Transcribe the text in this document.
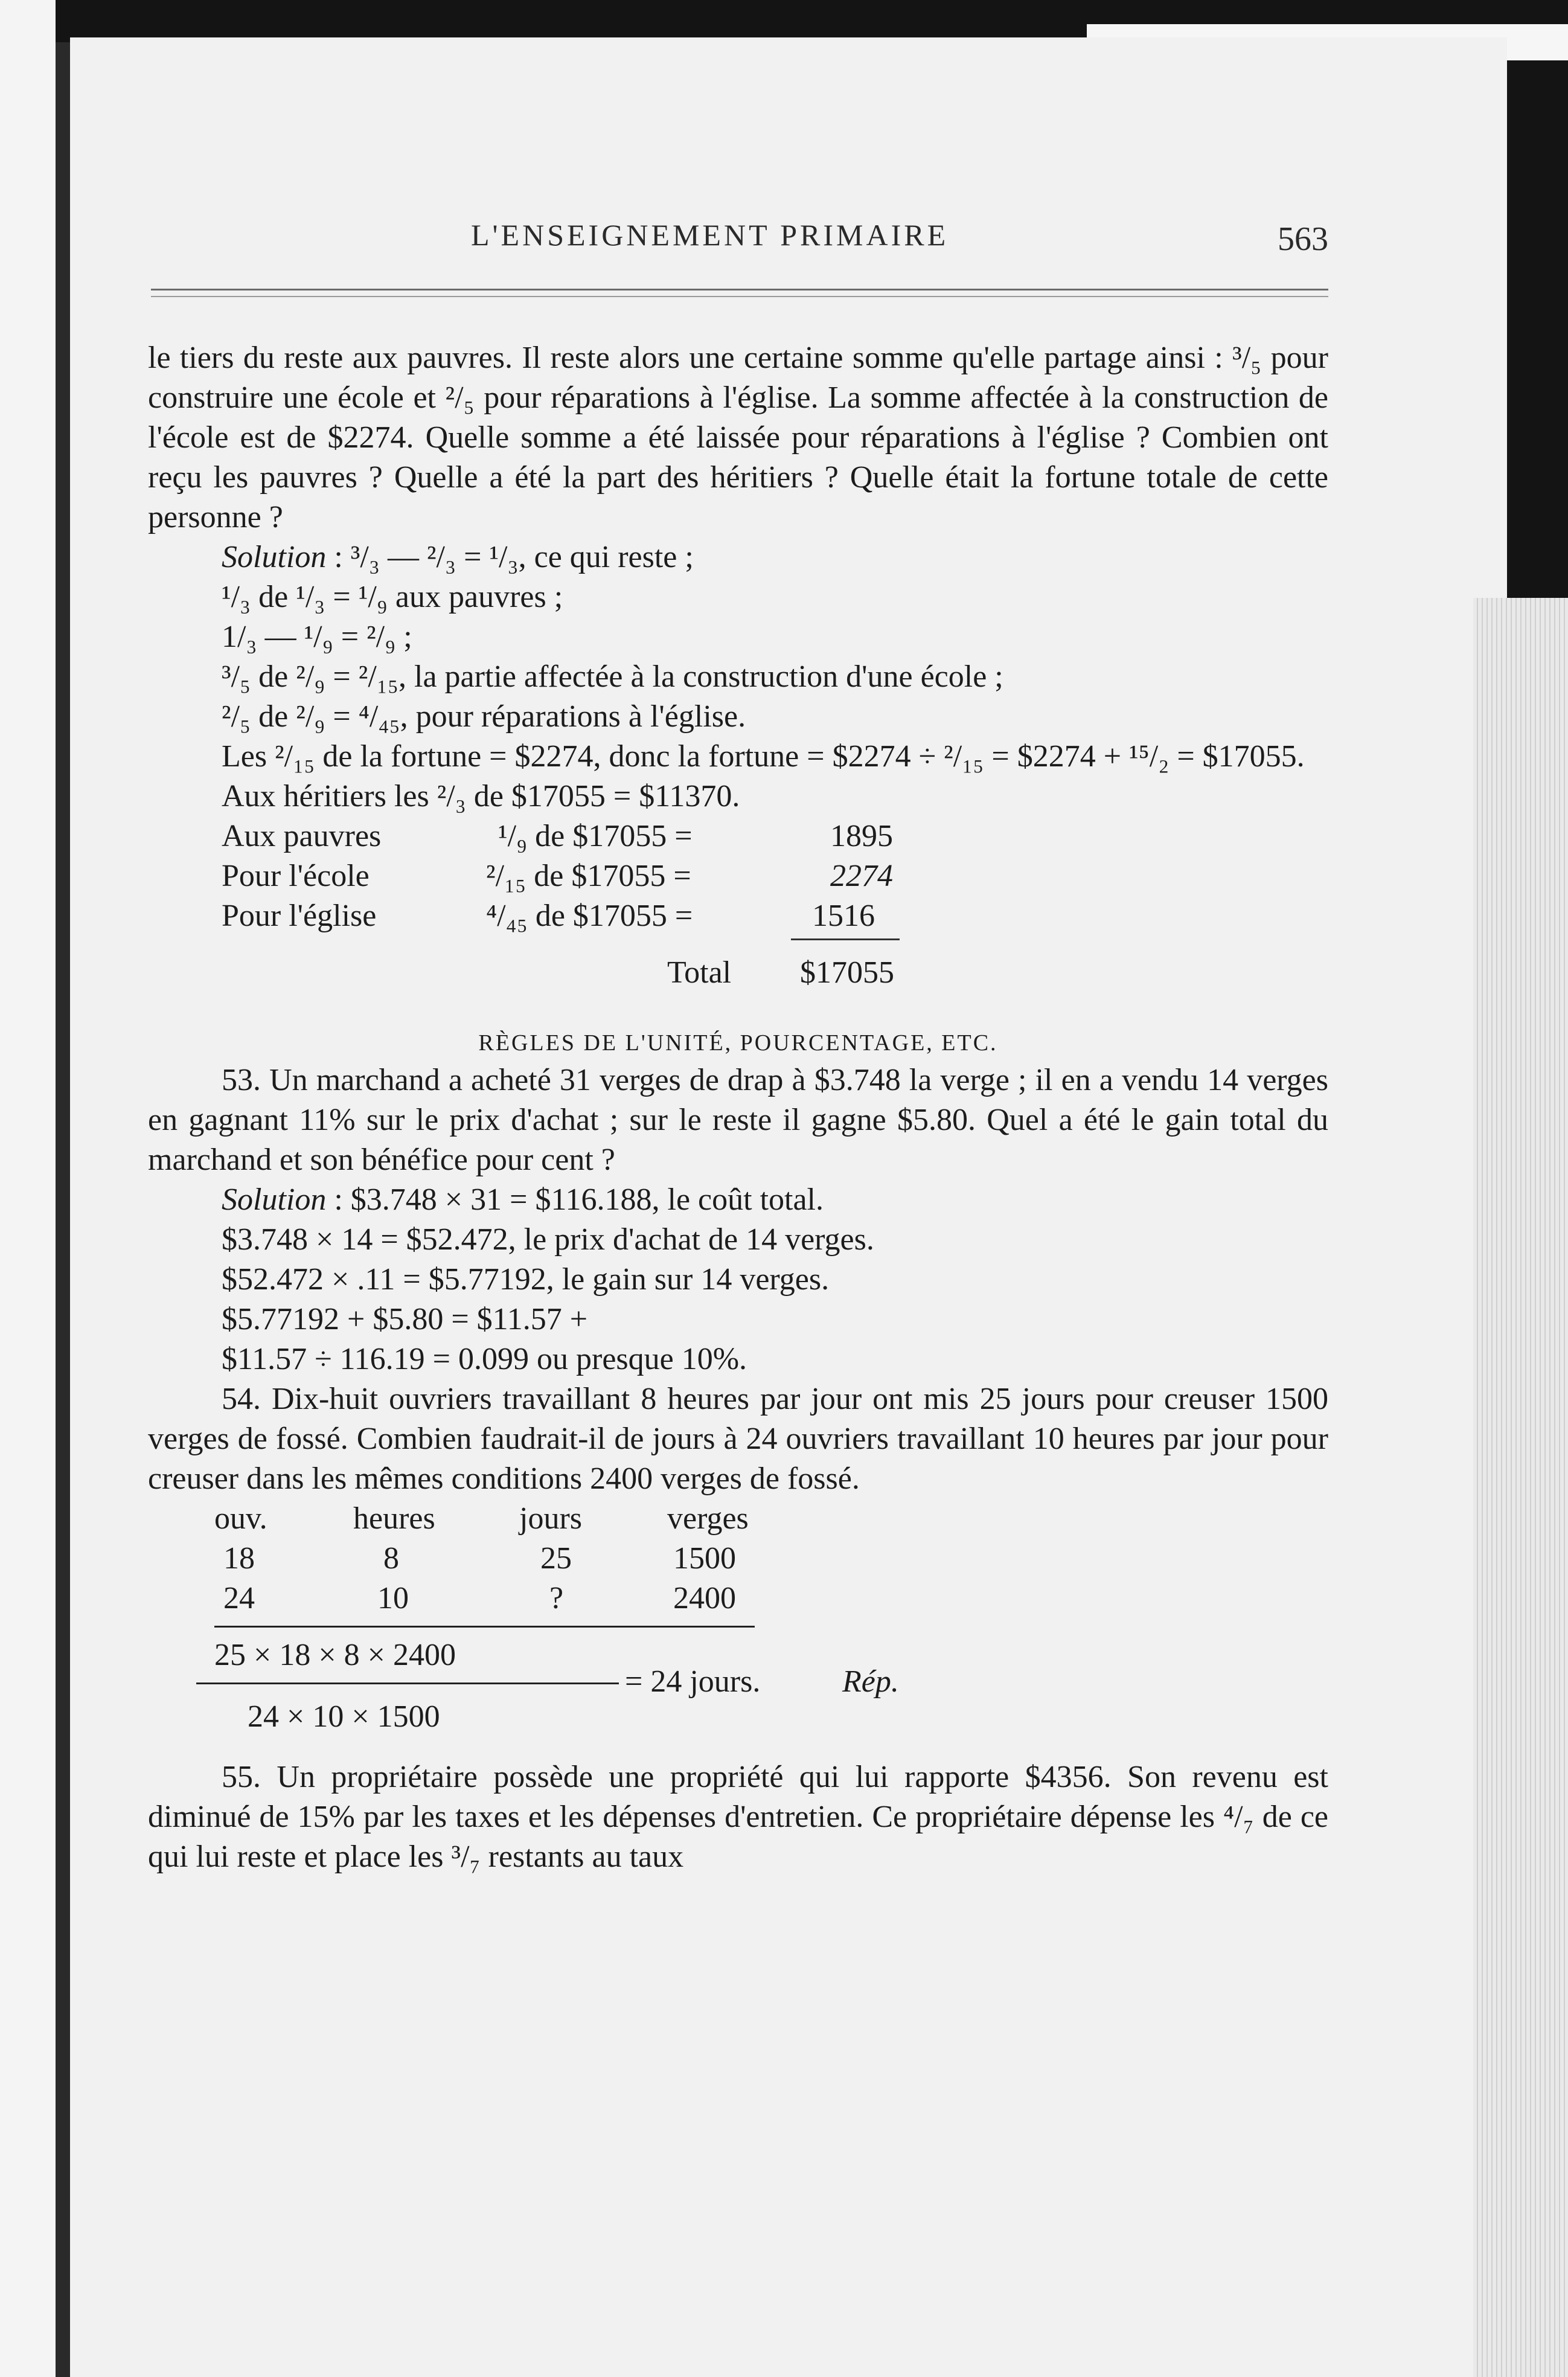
L'ENSEIGNEMENT PRIMAIRE	563

le tiers du reste aux pauvres. Il reste alors une certaine somme qu'elle partage ainsi : ³/₅ pour construire une école et ²/₅ pour réparations à l'église. La somme affectée à la construction de l'école est de $2274. Quelle somme a été laissée pour réparations à l'église ? Combien ont reçu les pauvres ? Quelle a été la part des héritiers ? Quelle était la fortune totale de cette personne ?

Solution : ³/₃ — ²/₃ = ¹/₃, ce qui reste ;
¹/₃ de ¹/₃ = ¹/₉ aux pauvres ;
1/₃ — ¹/₉ = ²/₉ ;
³/₅ de ²/₉ = ²/₁₅, la partie affectée à la construction d'une école ;
²/₅ de ²/₉ = ⁴/₄₅, pour réparations à l'église.

Les ²/₁₅ de la fortune = $2274, donc la fortune = $2274 ÷ ²/₁₅ = $2274 + ¹⁵/₂ = $17055.

Aux héritiers les ²/₃ de $17055 = $11370.
Aux pauvres	¹/₉ de $17055 =	1895
Pour l'école	²/₁₅ de $17055 =	2274
Pour l'église	⁴/₄₅ de $17055 =	1516
Total $17055
RÈGLES DE L'UNITÉ, POURCENTAGE, ETC.

53. Un marchand a acheté 31 verges de drap à $3.748 la verge ; il en a vendu 14 verges en gagnant 11% sur le prix d'achat ; sur le reste il gagne $5.80. Quel a été le gain total du marchand et son bénéfice pour cent ?

Solution : $3.748 × 31 = $116.188, le coût total.
$3.748 × 14 = $52.472, le prix d'achat de 14 verges.
$52.472 × .11 = $5.77192, le gain sur 14 verges.
$5.77192 + $5.80 = $11.57 +
$11.57 ÷ 116.19 = 0.099 ou presque 10%.

54. Dix-huit ouvriers travaillant 8 heures par jour ont mis 25 jours pour creuser 1500 verges de fossé. Combien faudrait-il de jours à 24 ouvriers travaillant 10 heures par jour pour creuser dans les mêmes conditions 2400 verges de fossé.

ouv.	heures	jours	verges
18	8	25	1500
24	10	?	2400
25 × 18 × 8 × 2400
= 24 jours.	Rép.
24 × 10 × 1500

55. Un propriétaire possède une propriété qui lui rapporte $4356. Son revenu est diminué de 15% par les taxes et les dépenses d'entretien. Ce propriétaire dépense les ⁴/₇ de ce qui lui reste et place les ³/₇ restants au taux
